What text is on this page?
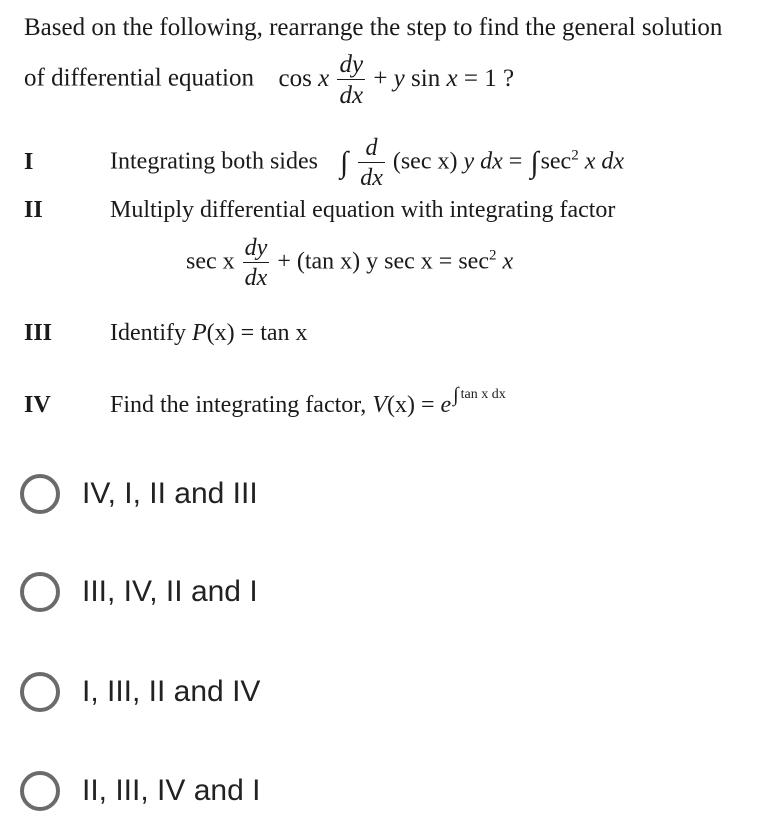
Based on the following, rearrange the step to find the general solution
of differential equation cos x $\frac{dy}{dx} + y$ sin x = 1 ?
I	Integrating both sides ∫ $\frac{d}{dx} (\sec$ x) y dx = $\int\sec^2$ x dx
II	Multiply differential equation with integrating factor
sec x $\frac{dy}{dx} + (\tan$ x) y $\sec x = \sec^2 x$
III Identify P(x) = tan x
IV Find the integrating factor, V(x) = e $^{\int tan x dx}$
IV, I, II and III
III, IV, II and I
I, III, II and IV
II, III, IV and I
